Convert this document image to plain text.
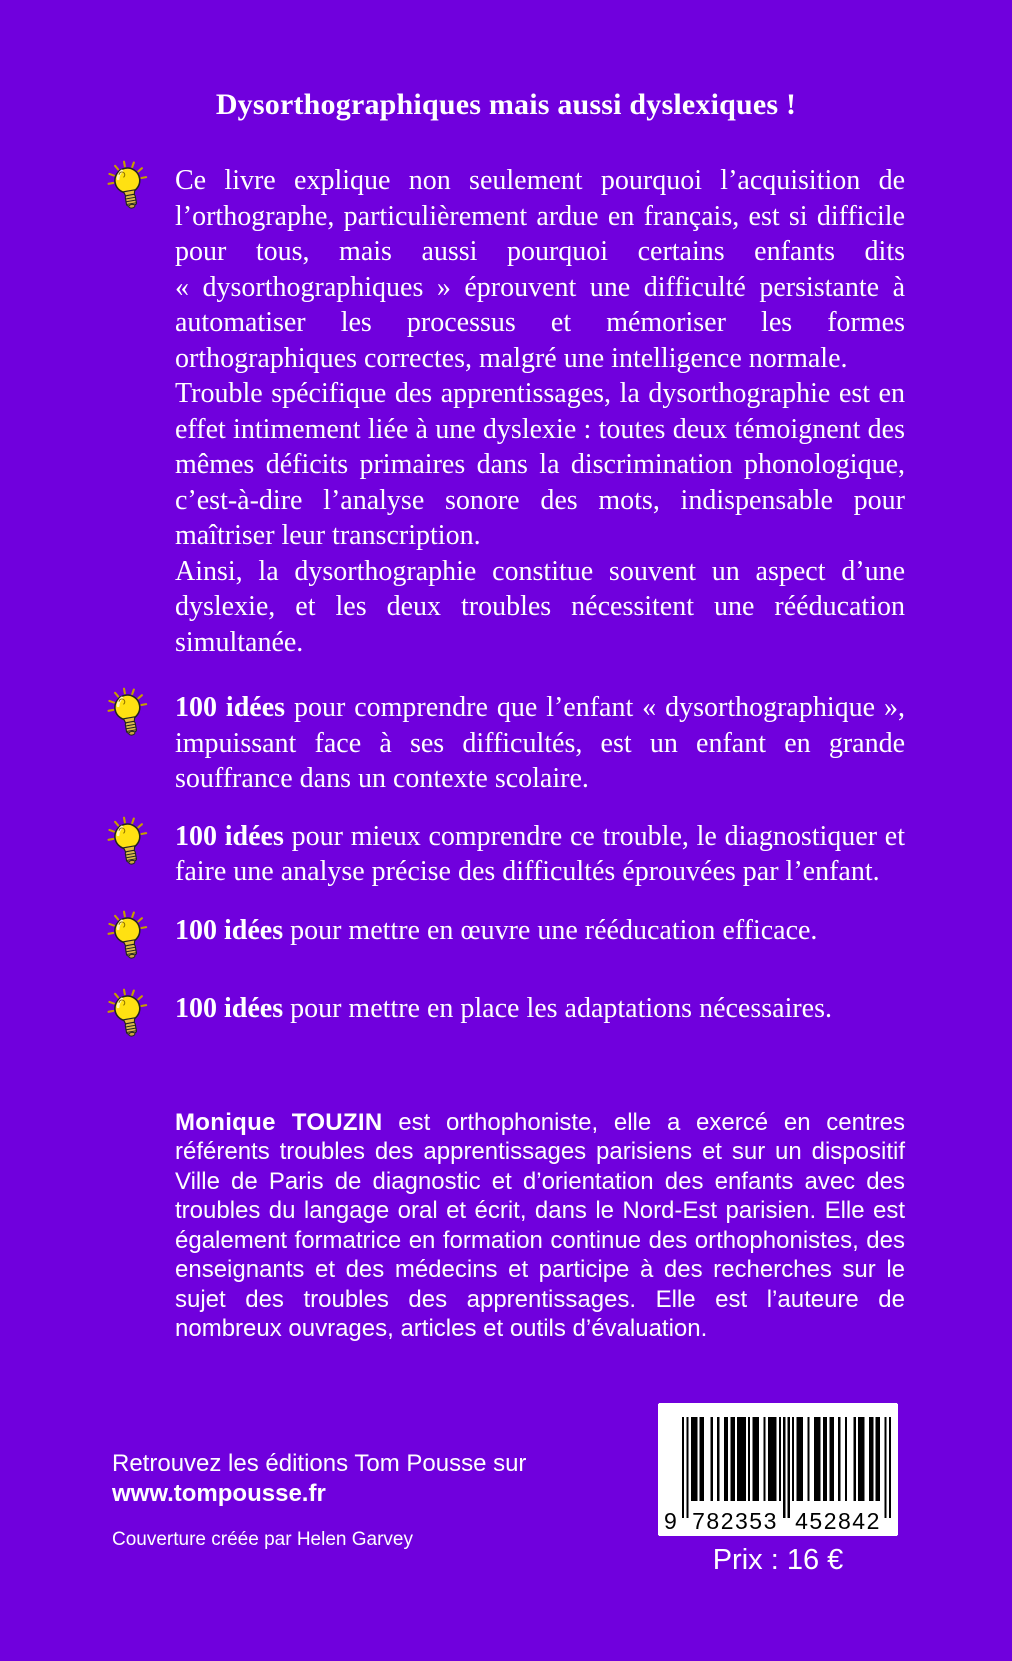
Dysorthographiques mais aussi dyslexiques !

Ce livre explique non seulement pourquoi l’acquisition de l’orthographe, particulièrement ardue en français, est si difficile pour tous, mais aussi pourquoi certains enfants dits « dysorthographiques » éprouvent une difficulté persistante à automatiser les processus et mémoriser les formes orthographiques correctes, malgré une intelligence normale.

Trouble spécifique des apprentissages, la dysorthographie est en effet intimement liée à une dyslexie : toutes deux témoignent des mêmes déficits primaires dans la discrimination phonologique, c’est-à-dire l’analyse sonore des mots, indispensable pour maîtriser leur transcription.

Ainsi, la dysorthographie constitue souvent un aspect d’une dyslexie, et les deux troubles nécessitent une rééducation simultanée.

100 idées pour comprendre que l’enfant « dysorthographique », impuissant face à ses difficultés, est un enfant en grande souffrance dans un contexte scolaire.

100 idées pour mieux comprendre ce trouble, le diagnostiquer et faire une analyse précise des difficultés éprouvées par l’enfant.

100 idées pour mettre en œuvre une rééducation efficace.

100 idées pour mettre en place les adaptations nécessaires.

Monique TOUZIN est orthophoniste, elle a exercé en centres référents troubles des apprentissages parisiens et sur un dispositif Ville de Paris de diagnostic et d’orientation des enfants avec des troubles du langage oral et écrit, dans le Nord-Est parisien. Elle est également formatrice en formation continue des orthophonistes, des enseignants et des médecins et participe à des recherches sur le sujet des troubles des apprentissages. Elle est l’auteure de nombreux ouvrages, articles et outils d’évaluation.
Retrouvez les éditions Tom Pousse sur
www.tompousse.fr
Couverture créée par Helen Garvey
9 782353 452842
Prix : 16 €
